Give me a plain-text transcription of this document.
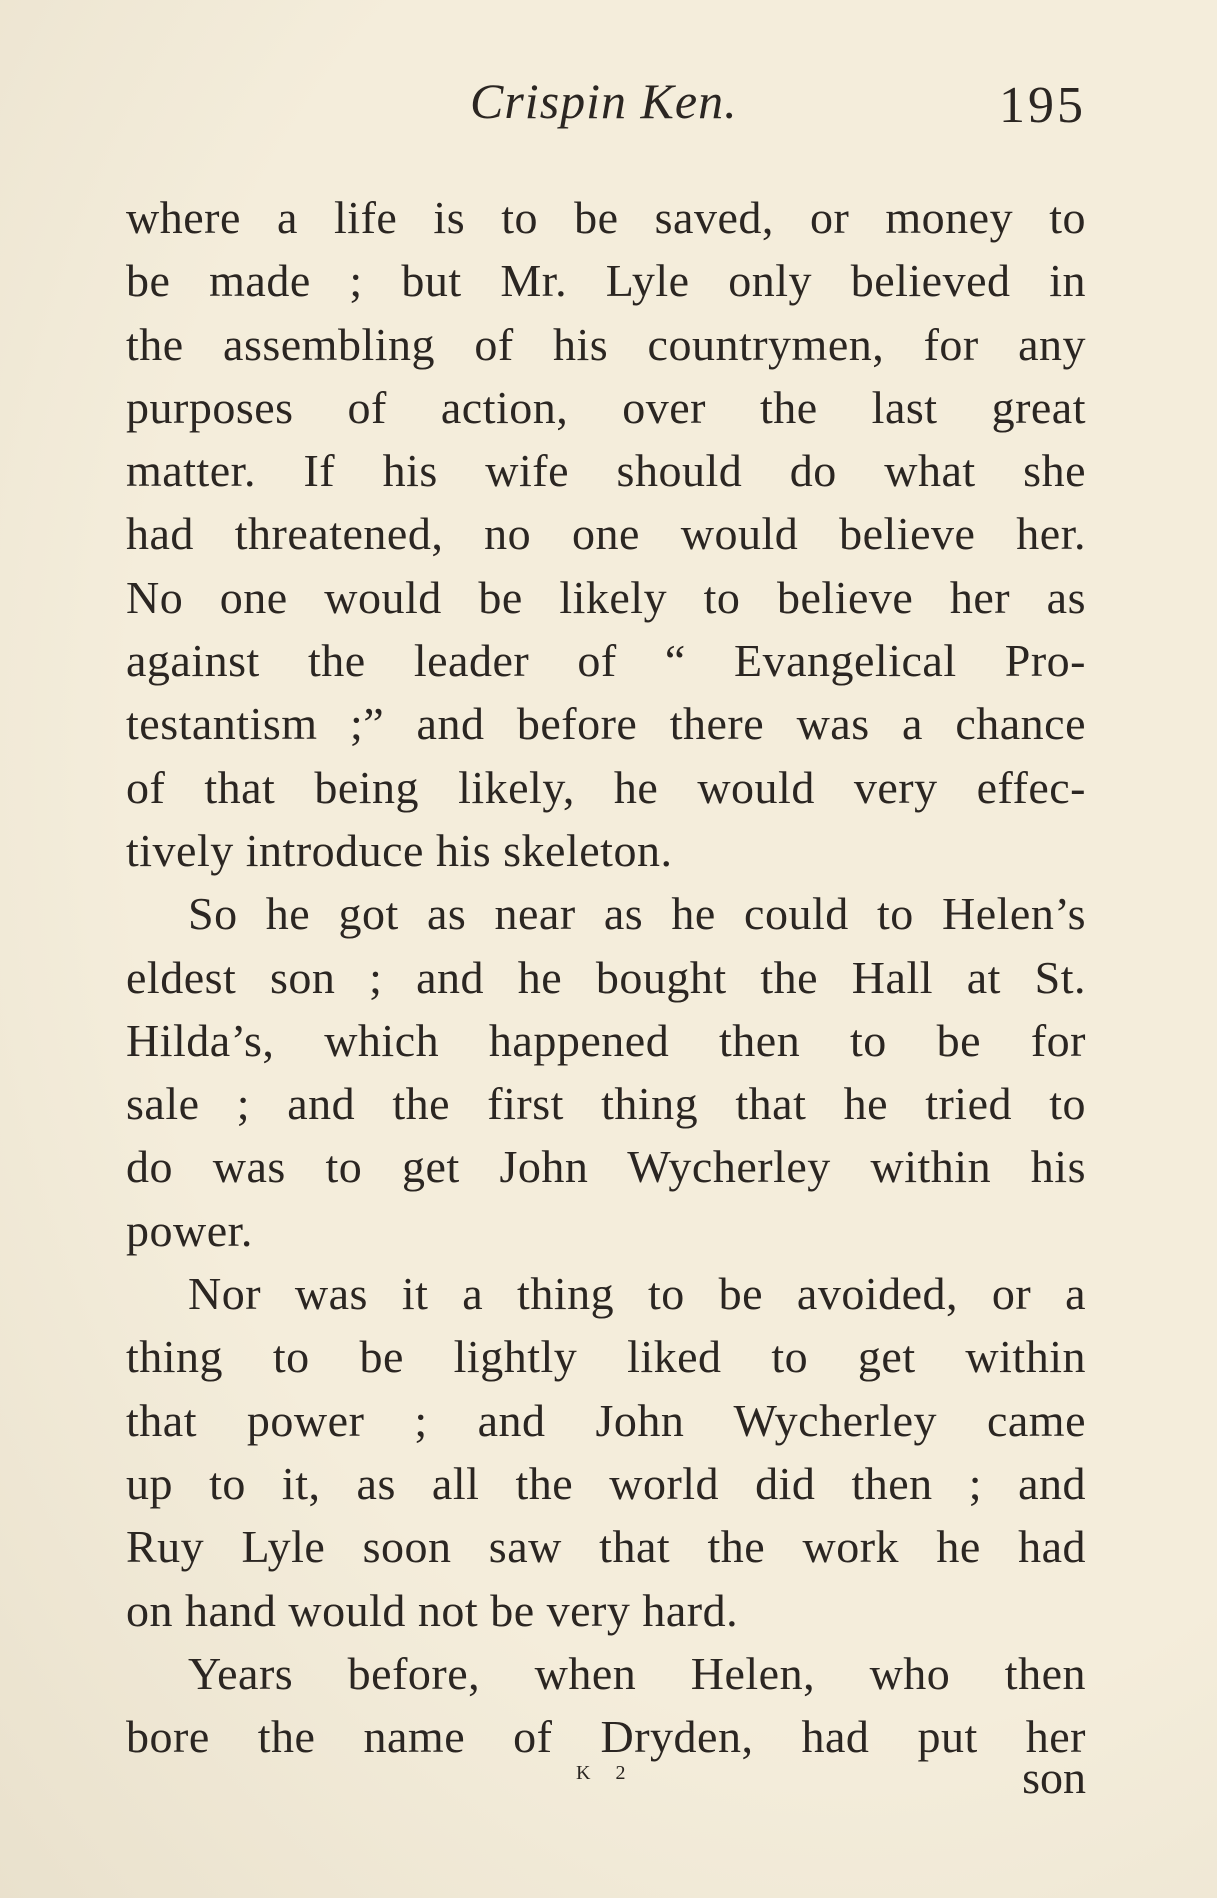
Crispin Ken.	195
where a life is to be saved, or money to
be made ; but Mr. Lyle only believed in
the assembling of his countrymen, for any
purposes of action, over the last great
matter. If his wife should do what she
had threatened, no one would believe her.
No one would be likely to believe her as
against the leader of “ Evangelical Pro-
testantism ;” and before there was a chance
of that being likely, he would very effec-
tively introduce his skeleton.
So he got as near as he could to Helen’s
eldest son ; and he bought the Hall at St.
Hilda’s, which happened then to be for
sale ; and the first thing that he tried to
do was to get John Wycherley within his
power.
Nor was it a thing to be avoided, or a
thing to be lightly liked to get within
that power ; and John Wycherley came
up to it, as all the world did then ; and
Ruy Lyle soon saw that the work he had
on hand would not be very hard.
Years before, when Helen, who then
bore the name of Dryden, had put her
K 2	son
